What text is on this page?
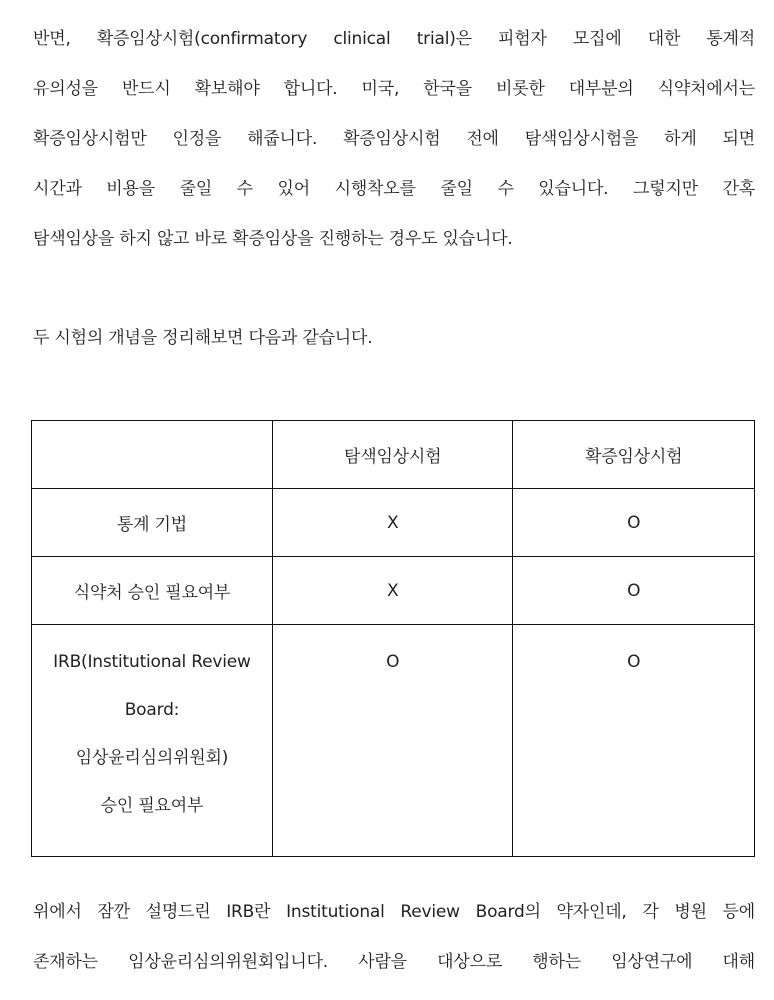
반면, 확증임상시험(confirmatory clinical trial)은 피험자 모집에 대한 통계적
유의성을 반드시 확보해야 합니다. 미국, 한국을 비롯한 대부분의 식약처에서는
확증임상시험만 인정을 해줍니다. 확증임상시험 전에 탐색임상시험을 하게 되면
시간과 비용을 줄일 수 있어 시행착오를 줄일 수 있습니다. 그렇지만 간혹
탐색임상을 하지 않고 바로 확증임상을 진행하는 경우도 있습니다.
두 시험의 개념을 정리해보면 다음과 같습니다.
	탐색임상시험	확증임상시험
통계 기법	X	O
식약처 승인 필요여부	X	O

IRB(Institutional Review
Board:
임상윤리심의위원회)
승인 필요여부	O	O
위에서 잠깐 설명드린 IRB란 Institutional Review Board의 약자인데, 각 병원 등에
존재하는 임상윤리심의위원회입니다. 사람을 대상으로 행하는 임상연구에 대해
